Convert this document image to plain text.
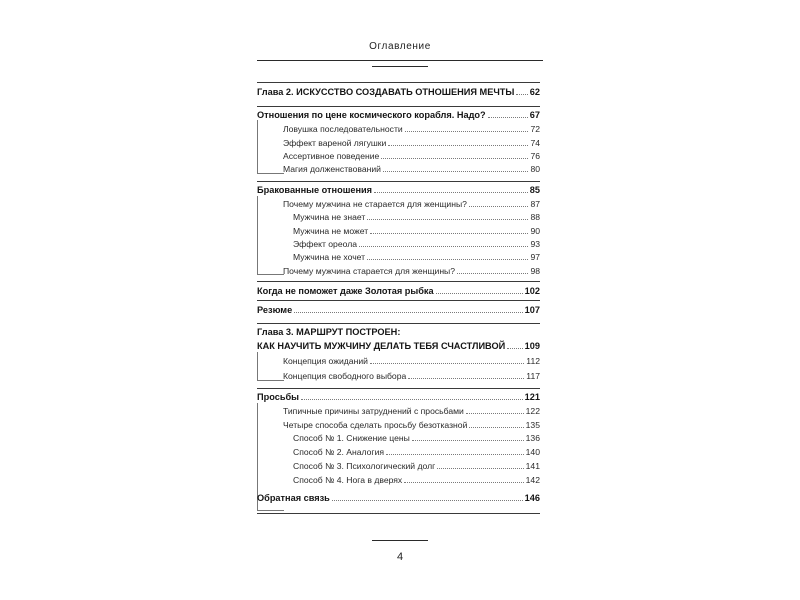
Оглавление
Глава 2. ИСКУССТВО СОЗДАВАТЬ ОТНОШЕНИЯ МЕЧТЫ 62
Отношения по цене космического корабля. Надо?	67
Ловушка последовательности	72
Эффект вареной лягушки	74
Ассертивное поведение	76
Магия долженствований	80
Бракованные отношения	85
Почему мужчина не старается для женщины?	87
Мужчина не знает	88
Мужчина не может	90
Эффект ореола	93
Мужчина не хочет	97
Почему мужчина старается для женщины?	98
Когда не поможет даже Золотая рыбка	102
Резюме	107
Глава 3. МАРШРУТ ПОСТРОЕН:
КАК НАУЧИТЬ МУЖЧИНУ ДЕЛАТЬ ТЕБЯ СЧАСТЛИВОЙ 109
Концепция ожиданий	112
Концепция свободного выбора	117
Просьбы	121
Типичные причины затруднений с просьбами	122
Четыре способа сделать просьбу безотказной	135
Способ № 1. Снижение цены	136
Способ № 2. Аналогия	140
Способ № 3. Психологический долг	141
Способ № 4. Нога в дверях	142
Обратная связь	146
4
